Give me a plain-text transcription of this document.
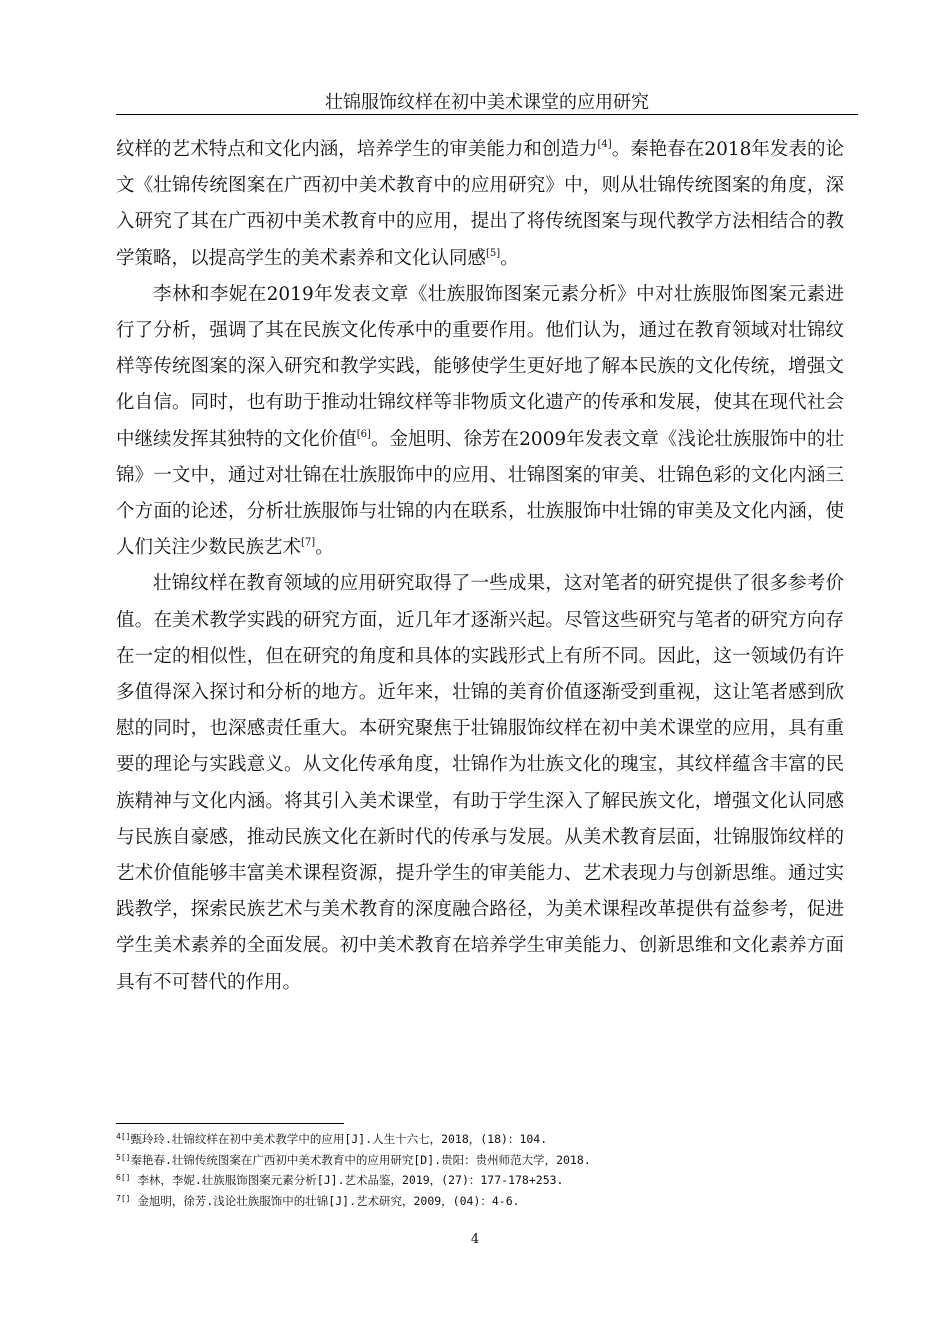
壮锦服饰纹样在初中美术课堂的应用研究

纹样的艺术特点和文化内涵，培养学生的审美能力和创造力[4]。秦艳春在2018年发表的论文《壮锦传统图案在广西初中美术教育中的应用研究》中，则从壮锦传统图案的角度，深入研究了其在广西初中美术教育中的应用，提出了将传统图案与现代教学方法相结合的教学策略，以提高学生的美术素养和文化认同感[5]。

李林和李妮在2019年发表文章《壮族服饰图案元素分析》中对壮族服饰图案元素进行了分析，强调了其在民族文化传承中的重要作用。他们认为，通过在教育领域对壮锦纹样等传统图案的深入研究和教学实践，能够使学生更好地了解本民族的文化传统，增强文化自信。同时，也有助于推动壮锦纹样等非物质文化遗产的传承和发展，使其在现代社会中继续发挥其独特的文化价值[6]。金旭明、徐芳在2009年发表文章《浅论壮族服饰中的壮锦》一文中，通过对壮锦在壮族服饰中的应用、壮锦图案的审美、壮锦色彩的文化内涵三个方面的论述，分析壮族服饰与壮锦的内在联系，壮族服饰中壮锦的审美及文化内涵，使人们关注少数民族艺术[7]。

壮锦纹样在教育领域的应用研究取得了一些成果，这对笔者的研究提供了很多参考价值。在美术教学实践的研究方面，近几年才逐渐兴起。尽管这些研究与笔者的研究方向存在一定的相似性，但在研究的角度和具体的实践形式上有所不同。因此，这一领域仍有许多值得深入探讨和分析的地方。近年来，壮锦的美育价值逐渐受到重视，这让笔者感到欣慰的同时，也深感责任重大。本研究聚焦于壮锦服饰纹样在初中美术课堂的应用，具有重要的理论与实践意义。从文化传承角度，壮锦作为壮族文化的瑰宝，其纹样蕴含丰富的民族精神与文化内涵。将其引入美术课堂，有助于学生深入了解民族文化，增强文化认同感与民族自豪感，推动民族文化在新时代的传承与发展。从美术教育层面，壮锦服饰纹样的艺术价值能够丰富美术课程资源，提升学生的审美能力、艺术表现力与创新思维。通过实践教学，探索民族艺术与美术教育的深度融合路径，为美术课程改革提供有益参考，促进学生美术素养的全面发展。初中美术教育在培养学生审美能力、创新思维和文化素养方面具有不可替代的作用。

$^{4[]}$甄玲玲.壮锦纹样在初中美术教学中的应用[J].人生十六七，2018，(18)：104.
$^{5[]}$秦艳春.壮锦传统图案在广西初中美术教育中的应用研究[D].贵阳：贵州师范大学，2018.
$^{6[]}$ 李林，李妮.壮族服饰图案元素分析[J].艺术品鉴，2019，(27)：177-178+253.
$^{7[]}$ 金旭明，徐芳.浅论壮族服饰中的壮锦[J].艺术研究，2009，(04)：4-6.
4
